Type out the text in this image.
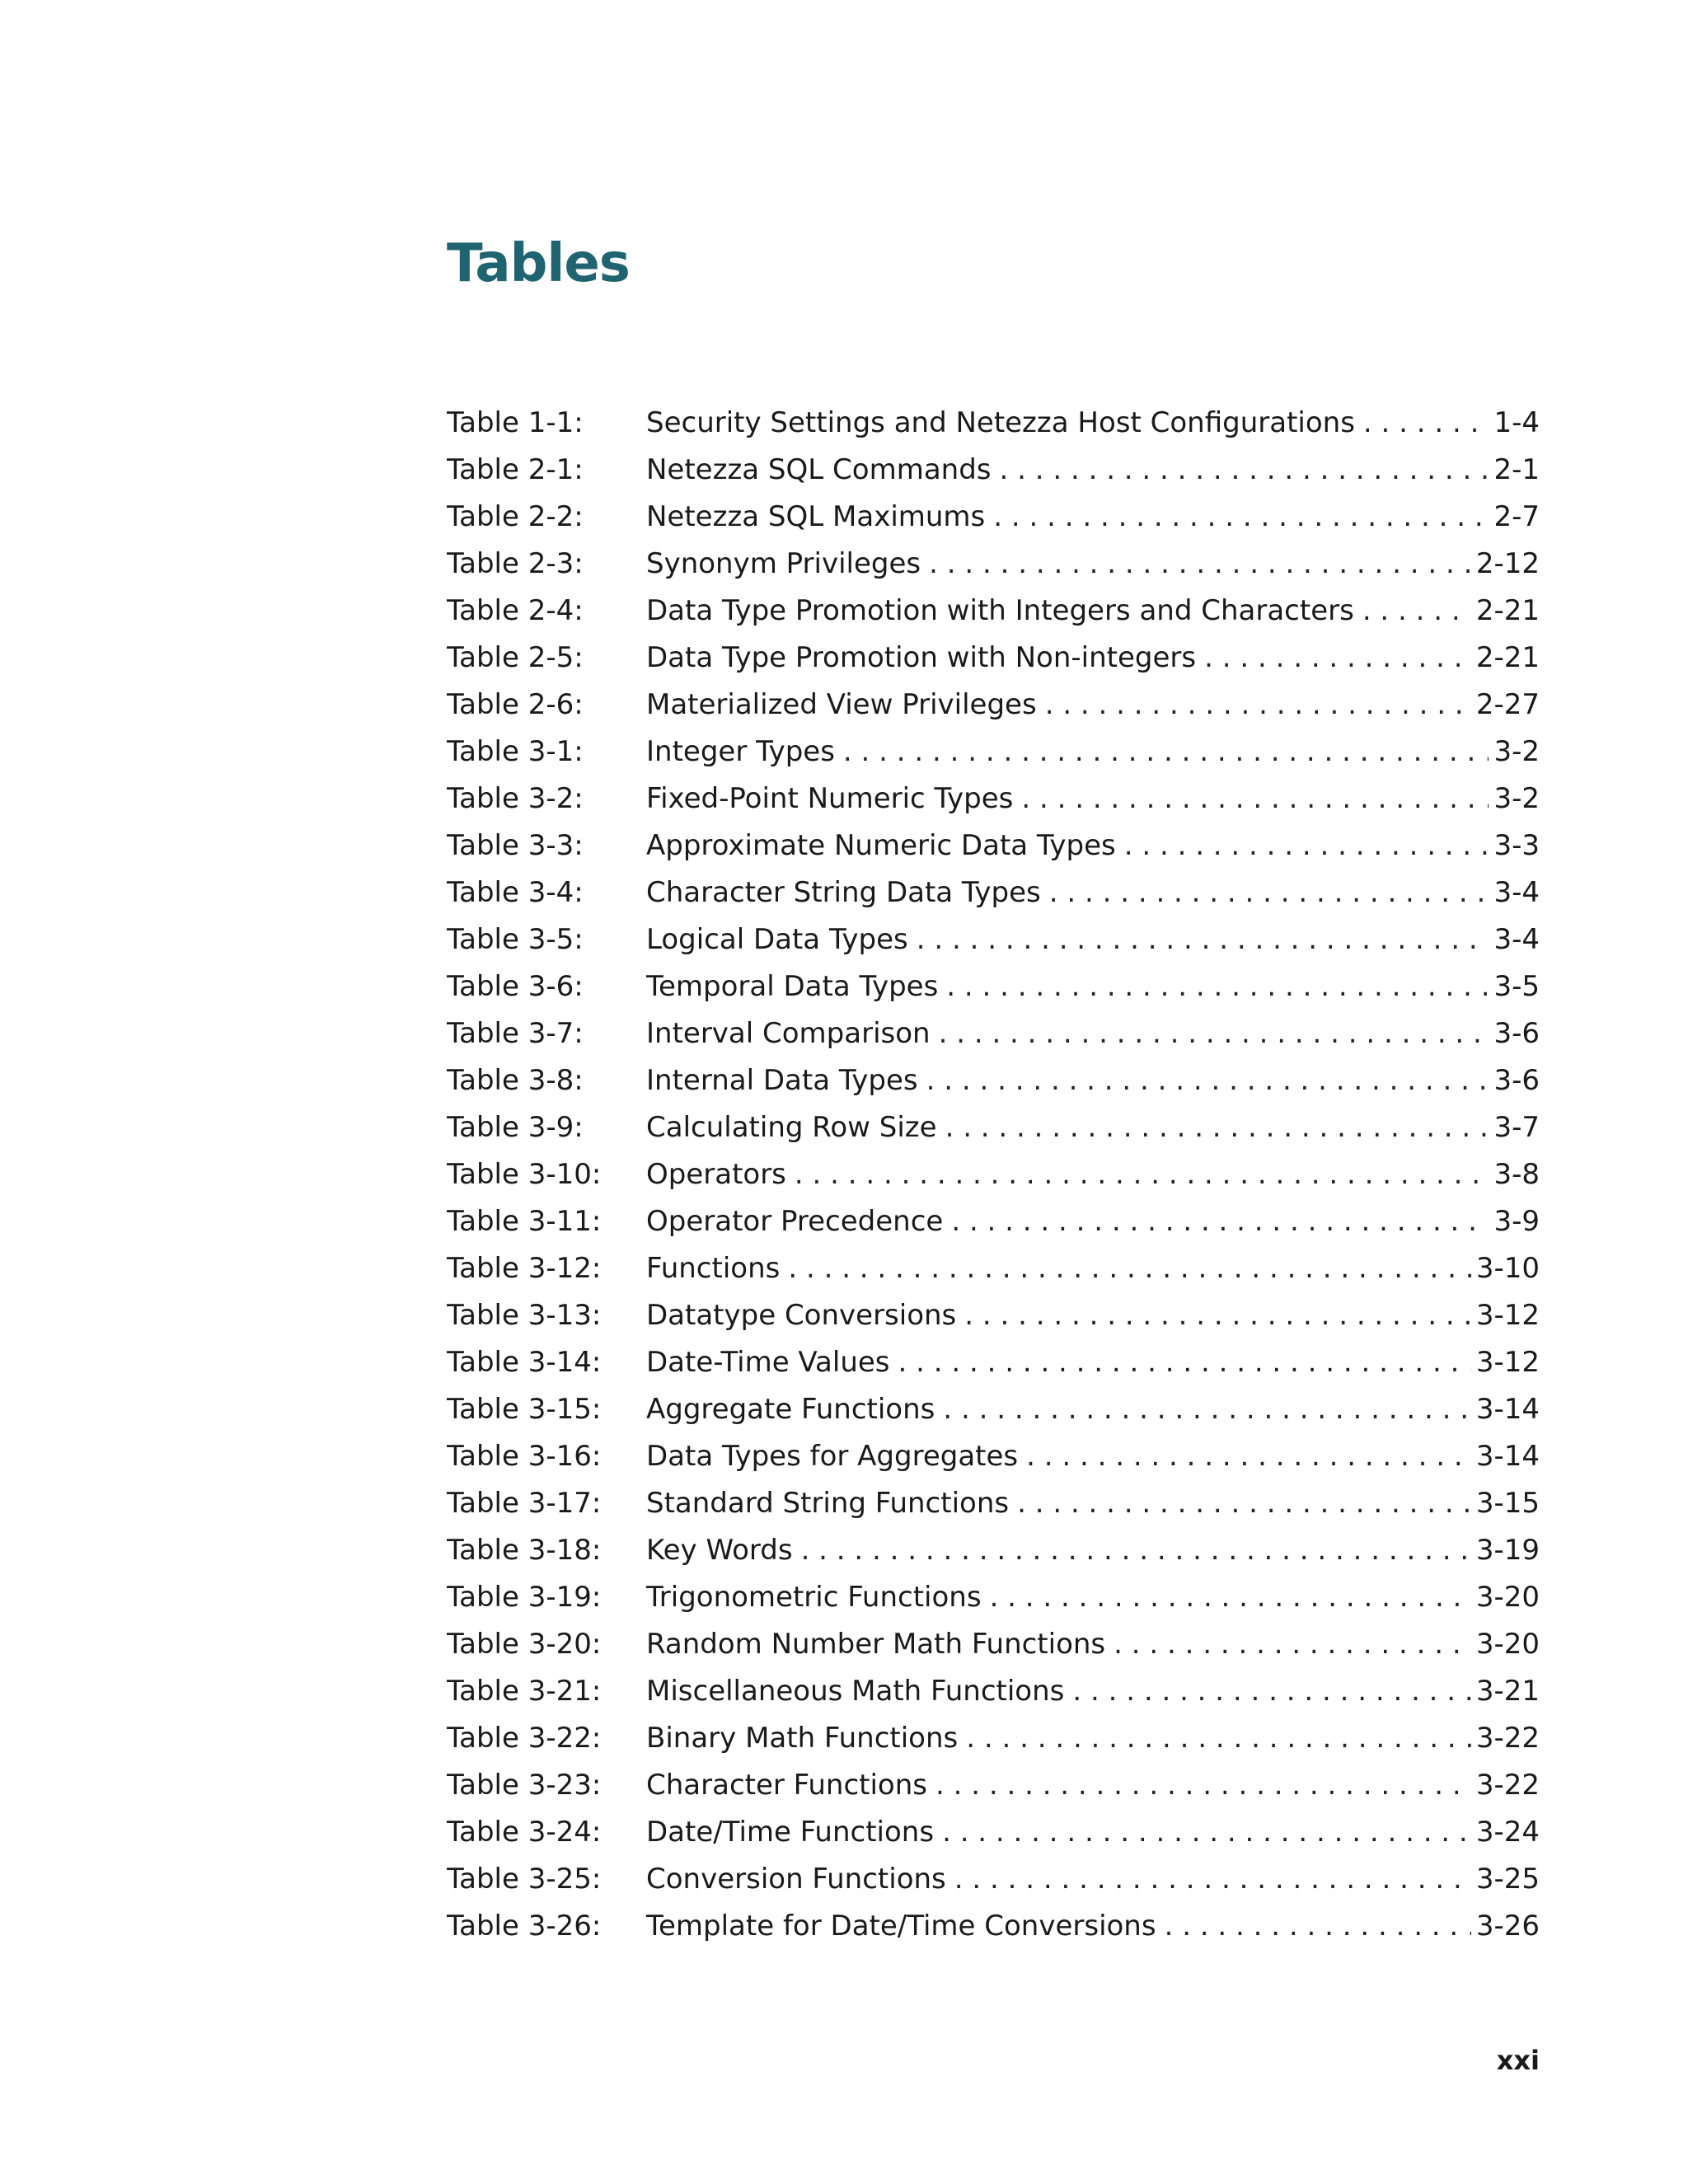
Tables
Table 1-1:	Security Settings and Netezza Host Configurations . . .	1-4
Table 2-1:	Netezza SQL Commands . . .	2-1
Table 2-2:	Netezza SQL Maximums . . .	2-7
Table 2-3:	Synonym Privileges . . .	2-12
Table 2-4:	Data Type Promotion with Integers and Characters . . .	2-21
Table 2-5:	Data Type Promotion with Non-integers . . .	2-21
Table 2-6:	Materialized View Privileges . . .	2-27
Table 3-1:	Integer Types . . .	3-2
Table 3-2:	Fixed-Point Numeric Types . . .	3-2
Table 3-3:	Approximate Numeric Data Types . . .	3-3
Table 3-4:	Character String Data Types . . .	3-4
Table 3-5:	Logical Data Types . . .	3-4
Table 3-6:	Temporal Data Types . . .	3-5
Table 3-7:	Interval Comparison . . .	3-6
Table 3-8:	Internal Data Types . . .	3-6
Table 3-9:	Calculating Row Size . . .	3-7
Table 3-10:	Operators . . .	3-8
Table 3-11:	Operator Precedence . . .	3-9
Table 3-12:	Functions . . .	3-10
Table 3-13:	Datatype Conversions . . .	3-12
Table 3-14:	Date-Time Values . . .	3-12
Table 3-15:	Aggregate Functions . . .	3-14
Table 3-16:	Data Types for Aggregates . . .	3-14
Table 3-17:	Standard String Functions . . .	3-15
Table 3-18:	Key Words . . .	3-19
Table 3-19:	Trigonometric Functions . . .	3-20
Table 3-20:	Random Number Math Functions . . .	3-20
Table 3-21:	Miscellaneous Math Functions . . .	3-21
Table 3-22:	Binary Math Functions . . .	3-22
Table 3-23:	Character Functions . . .	3-22
Table 3-24:	Date/Time Functions . . .	3-24
Table 3-25:	Conversion Functions . . .	3-25
Table 3-26:	Template for Date/Time Conversions . . .	3-26
xxi
